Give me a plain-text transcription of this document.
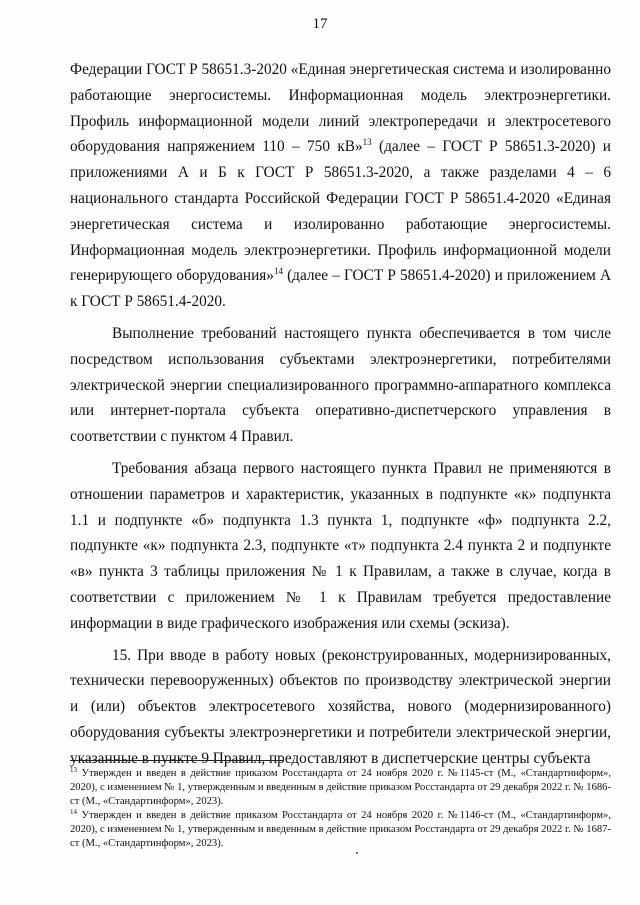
17

Федерации ГОСТ Р 58651.3-2020 «Единая энергетическая система и изолированно работающие энергосистемы. Информационная модель электроэнергетики. Профиль информационной модели линий электропередачи и электросетевого оборудования напряжением 110 – 750 кВ»$^{13}$ (далее – ГОСТ Р 58651.3-2020) и приложениями А и Б к ГОСТ Р 58651.3-2020, а также разделами 4 – 6 национального стандарта Российской Федерации ГОСТ Р 58651.4-2020 «Единая энергетическая система и изолированно работающие энергосистемы. Информационная модель электроэнергетики. Профиль информационной модели генерирующего оборудования»$^{14}$ (далее – ГОСТ Р 58651.4-2020) и приложением А к ГОСТ Р 58651.4-2020.

Выполнение требований настоящего пункта обеспечивается в том числе посредством использования субъектами электроэнергетики, потребителями электрической энергии специализированного программно-аппаратного комплекса или интернет-портала субъекта оперативно-диспетчерского управления в соответствии с пунктом 4 Правил.

Требования абзаца первого настоящего пункта Правил не применяются в отношении параметров и характеристик, указанных в подпункте «к» подпункта 1.1 и подпункте «б» подпункта 1.3 пункта 1, подпункте «ф» подпункта 2.2, подпункте «к» подпункта 2.3, подпункте «т» подпункта 2.4 пункта 2 и подпункте «в» пункта 3 таблицы приложения № 1 к Правилам, а также в случае, когда в соответствии с приложением № 1 к Правилам требуется предоставление информации в виде графического изображения или схемы (эскиза).

15. При вводе в работу новых (реконструированных, модернизированных, технически перевооруженных) объектов по производству электрической энергии и (или) объектов электросетевого хозяйства, нового (модернизированного) оборудования субъекты электроэнергетики и потребители электрической энергии, указанные в пункте 9 Правил, предоставляют в диспетчерские центры субъекта

$^{13}$ Утвержден и введен в действие приказом Росстандарта от 24 ноября 2020 г. №1145-ст (М., «Стандартинформ», 2020), с изменением № 1, утвержденным и введенным в действие приказом Росстандарта от 29 декабря 2022 г. № 1686-ст (М., «Стандартинформ», 2023).

$^{14}$ Утвержден и введен в действие приказом Росстандарта от 24 ноября 2020 г. №1146-ст (М., «Стандартинформ», 2020), с изменением № 1, утвержденным и введенным в действие приказом Росстандарта от 29 декабря 2022 г. № 1687-ст (М., «Стандартинформ», 2023).
